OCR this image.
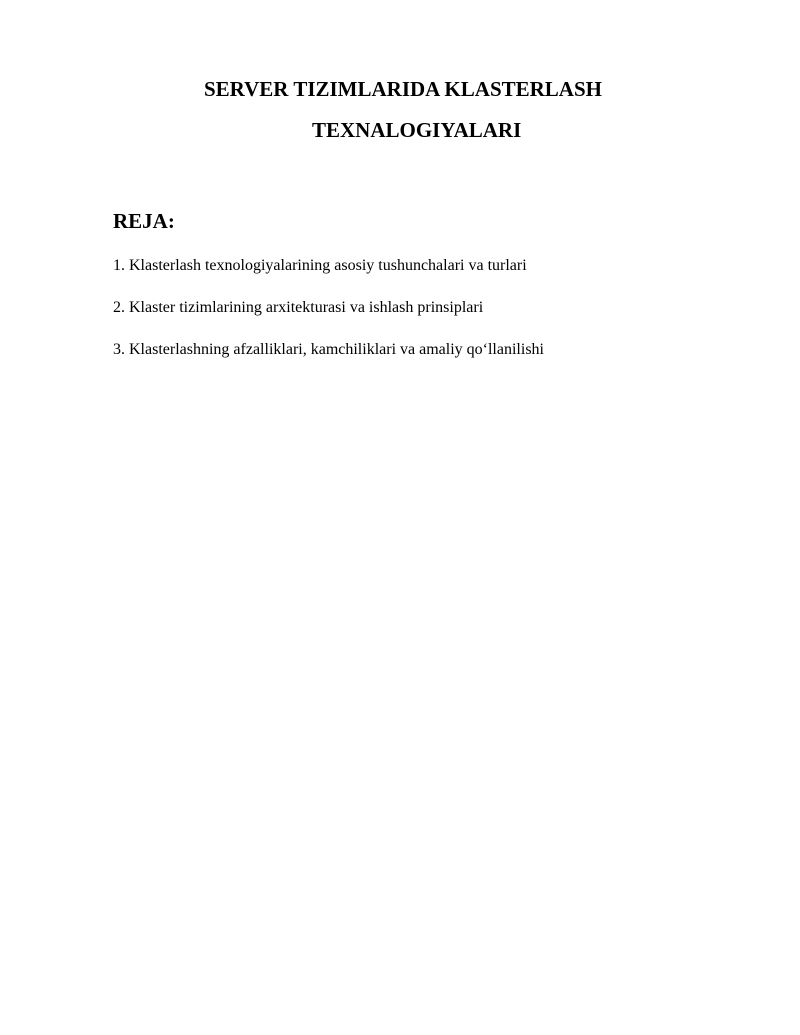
SERVER TIZIMLARIDA KLASTERLASH
TEXNALOGIYALARI
REJA:
1. Klasterlash texnologiyalarining asosiy tushunchalari va turlari
2. Klaster tizimlarining arxitekturasi va ishlash prinsiplari
3. Klasterlashning afzalliklari, kamchiliklari va amaliy qo‘llanilishi
